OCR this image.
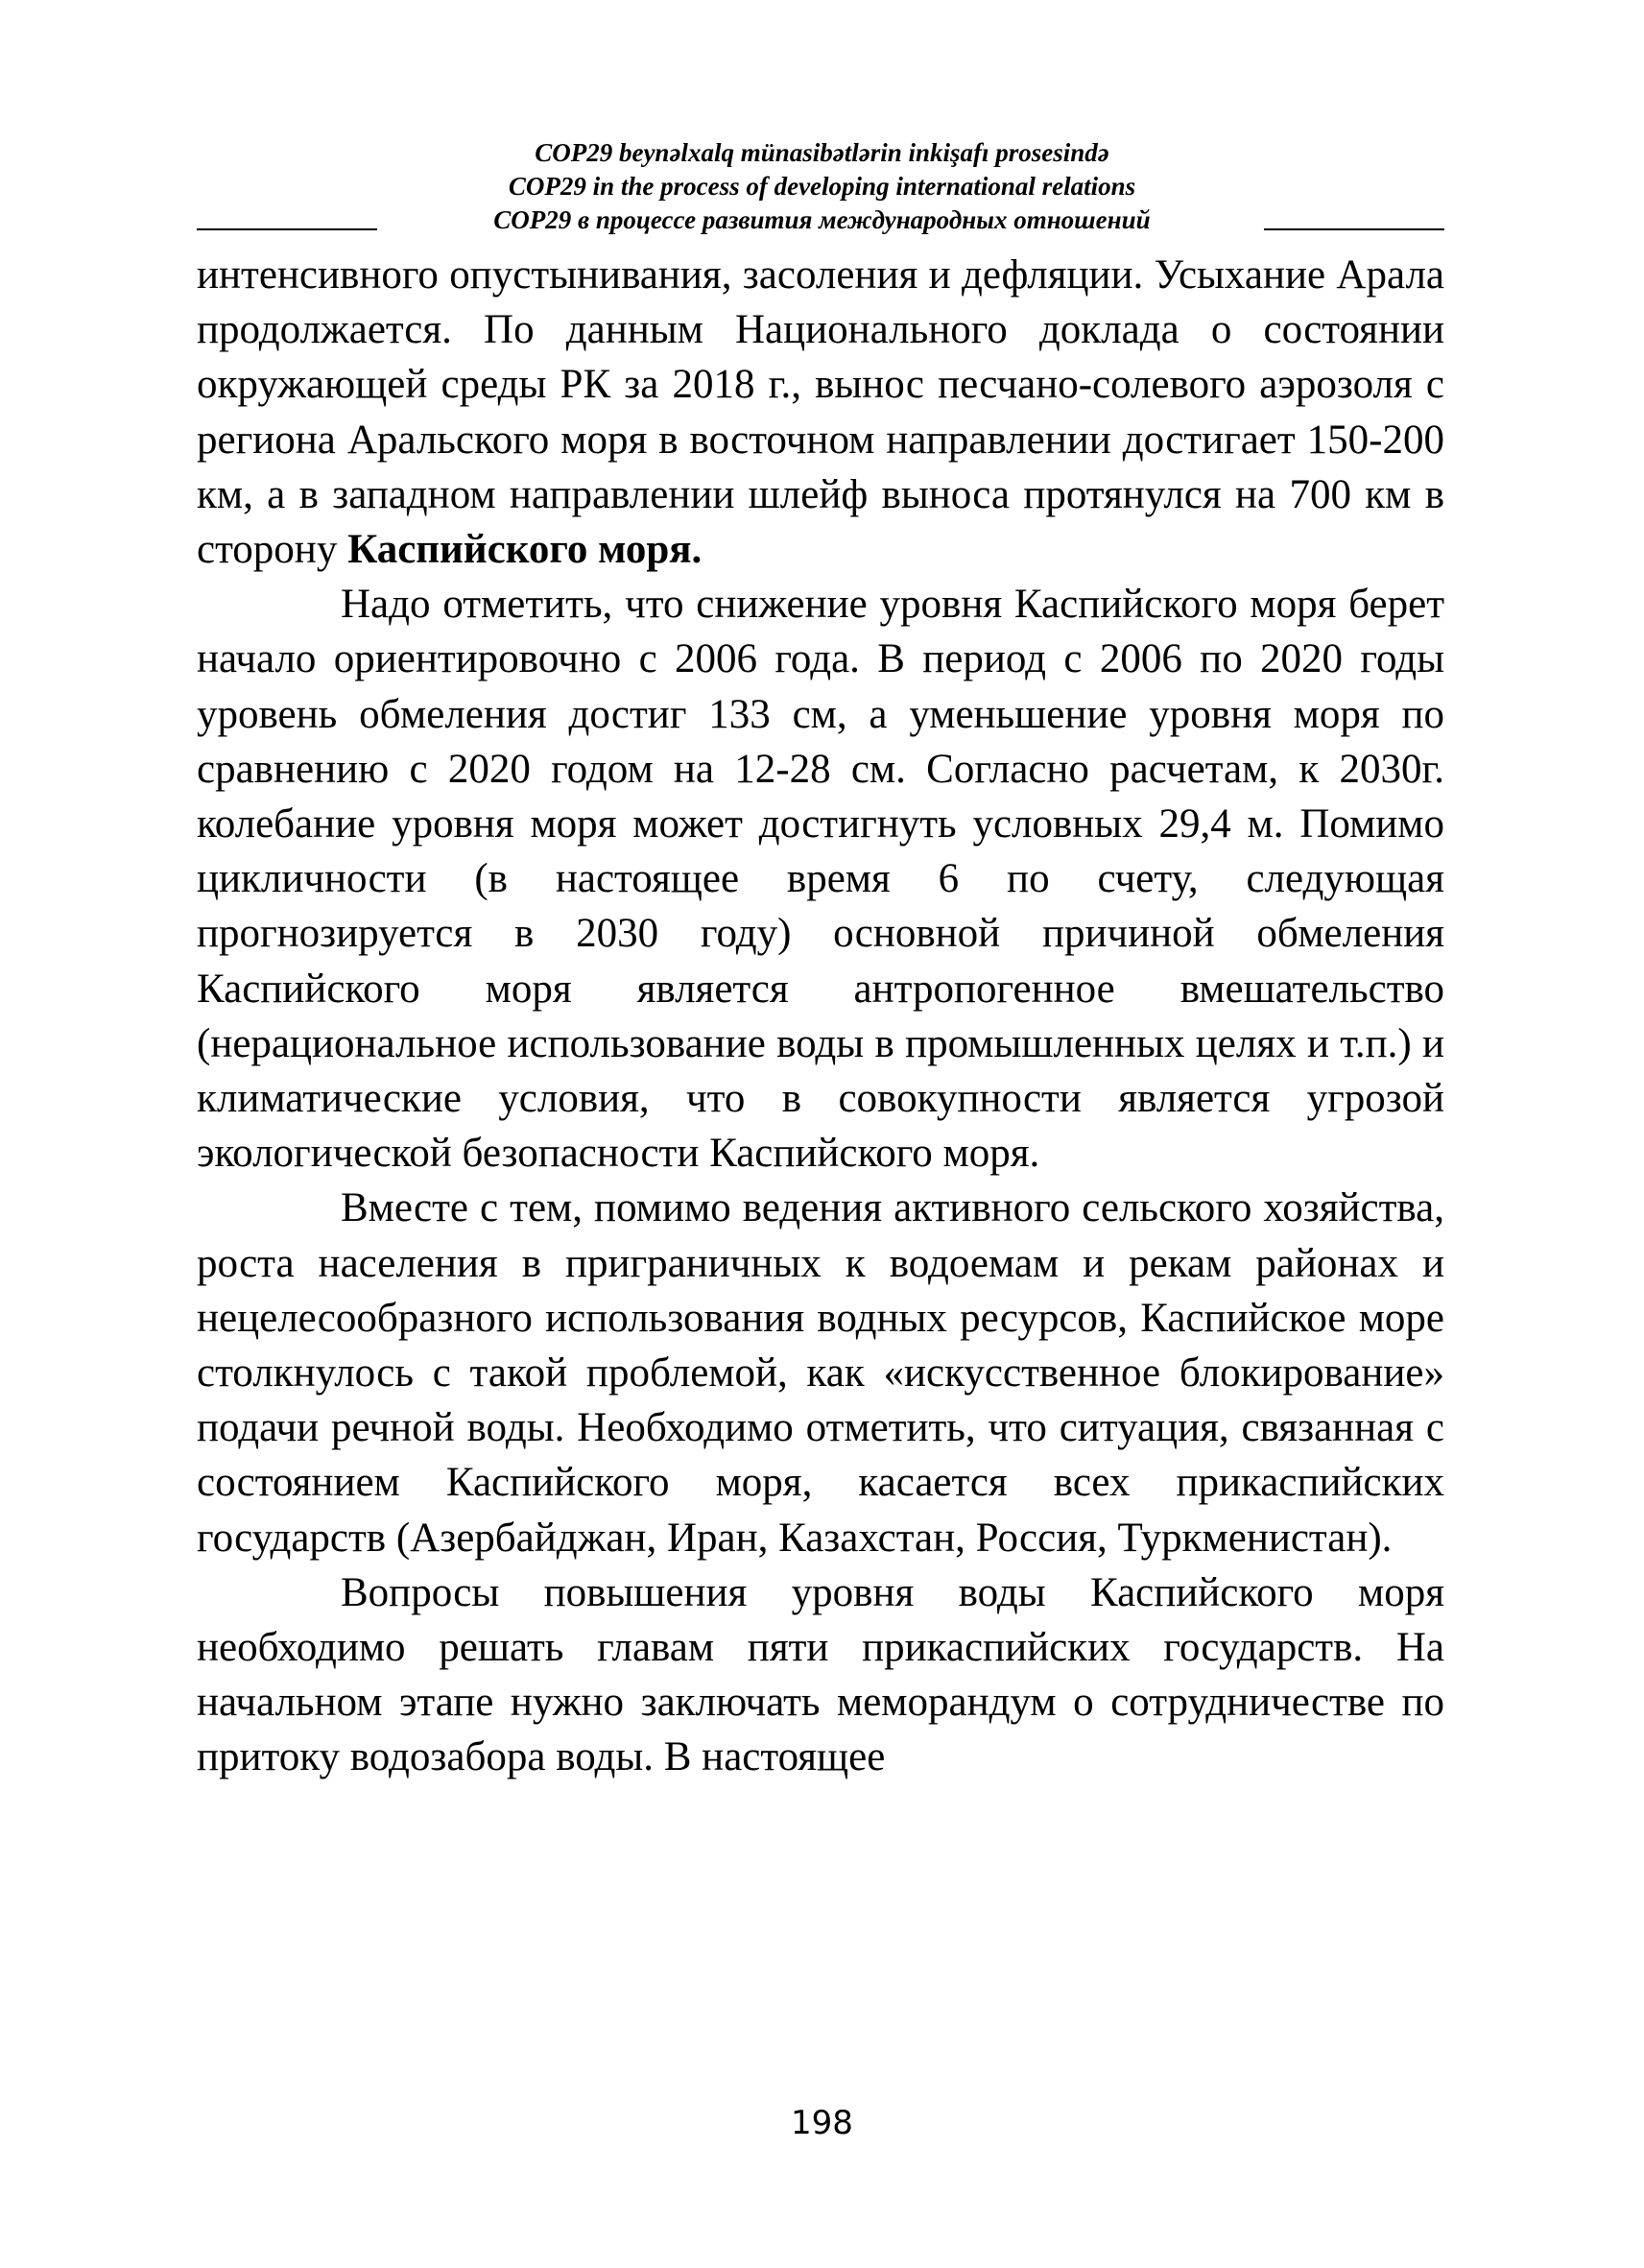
COP29 beynəlxalq münasibətlərin inkişafı prosesində
COP29 in the process of developing international relations
COP29 в процессе развития международных отношений

интенсивного опустынивания, засоления и дефляции. Усыхание Арала продолжается. По данным Национального доклада о состоянии окружающей среды РК за 2018 г., вынос песчано-солевого аэрозоля с региона Аральского моря в восточном направлении достигает 150-200 км, а в западном направлении шлейф выноса протянулся на 700 км в сторону Каспийского моря.

Надо отметить, что снижение уровня Каспийского моря берет начало ориентировочно с 2006 года. В период с 2006 по 2020 годы уровень обмеления достиг 133 см, а уменьшение уровня моря по сравнению с 2020 годом на 12-28 см. Согласно расчетам, к 2030г. колебание уровня моря может достигнуть условных 29,4 м. Помимо цикличности (в настоящее время 6 по счету, следующая прогнозируется в 2030 году) основной причиной обмеления Каспийского моря является антропогенное вмешательство (нерациональное использование воды в промышленных целях и т.п.) и климатические условия, что в совокупности является угрозой экологической безопасности Каспийского моря.

Вместе с тем, помимо ведения активного сельского хозяйства, роста населения в приграничных к водоемам и рекам районах и нецелесообразного использования водных ресурсов, Каспийское море столкнулось с такой проблемой, как «искусственное блокирование» подачи речной воды. Необходимо отметить, что ситуация, связанная с состоянием Каспийского моря, касается всех прикаспийских государств (Азербайджан, Иран, Казахстан, Россия, Туркменистан).

Вопросы повышения уровня воды Каспийского моря необходимо решать главам пяти прикаспийских государств. На начальном этапе нужно заключать меморандум о сотрудничестве по притоку водозабора воды. В настоящее

198
